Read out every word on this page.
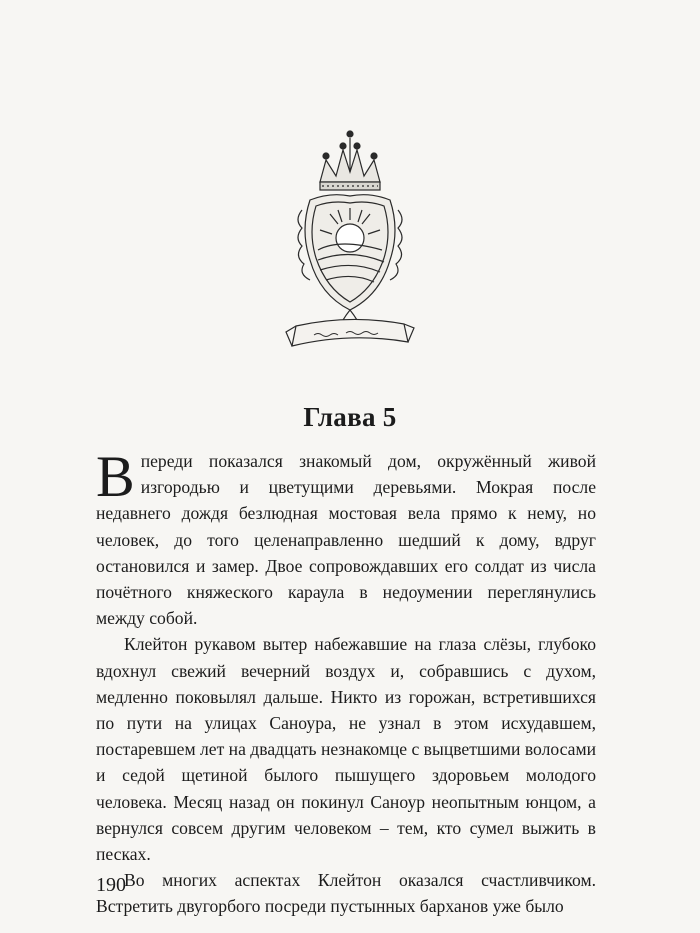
Глава 5

Впереди показался знакомый дом, окружённый живой изгородью и цветущими деревьями. Мокрая после недавнего дождя безлюдная мостовая вела прямо к нему, но человек, до того целенаправленно шедший к дому, вдруг остановился и замер. Двое сопровождавших его солдат из числа почётного княжеского караула в недоумении переглянулись между собой.

Клейтон рукавом вытер набежавшие на глаза слёзы, глубоко вдохнул свежий вечерний воздух и, собравшись с духом, медленно поковылял дальше. Никто из горожан, встретившихся по пути на улицах Саноура, не узнал в этом исхудавшем, постаревшем лет на двадцать незнакомце с выцветшими волосами и седой щетиной былого пышущего здоровьем молодого человека. Месяц назад он покинул Саноур неопытным юнцом, а вернулся совсем другим человеком – тем, кто сумел выжить в песках.

Во многих аспектах Клейтон оказался счастливчиком. Встретить двугорбого посреди пустынных барханов уже было

190
